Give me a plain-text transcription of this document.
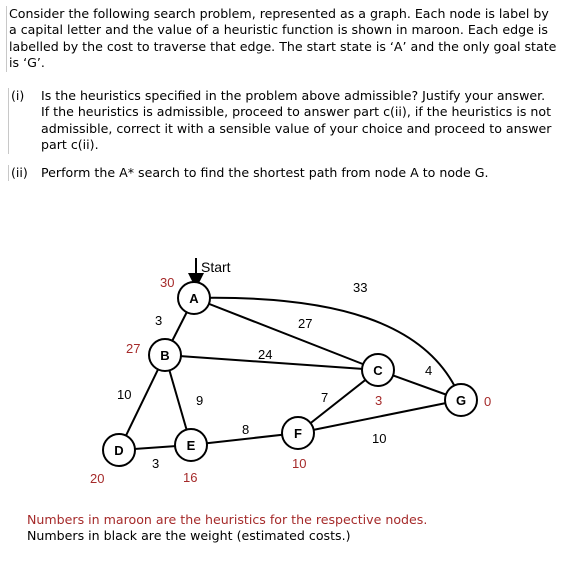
Consider the following search problem, represented as a graph. Each node is label by a capital letter and the value of a heuristic function is shown in maroon. Each edge is labelled by the cost to traverse that edge. The start state is ‘A’ and the only goal state is ‘G’.
(i) Is the heuristics specified in the problem above admissible? Justify your answer. If the heuristics is admissible, proceed to answer part c(ii), if the heuristics is not admissible, correct it with a sensible value of your choice and proceed to answer part c(ii).
(ii) Perform the A* search to find the shortest path from node A to node G.
Start
3	27
33
24
10	9	7
4
3
8
10
A
B
C
D	E
F
G
30
27
3
20	16
10
0
Numbers in maroon are the heuristics for the respective nodes.
Numbers in black are the weight (estimated costs.)
